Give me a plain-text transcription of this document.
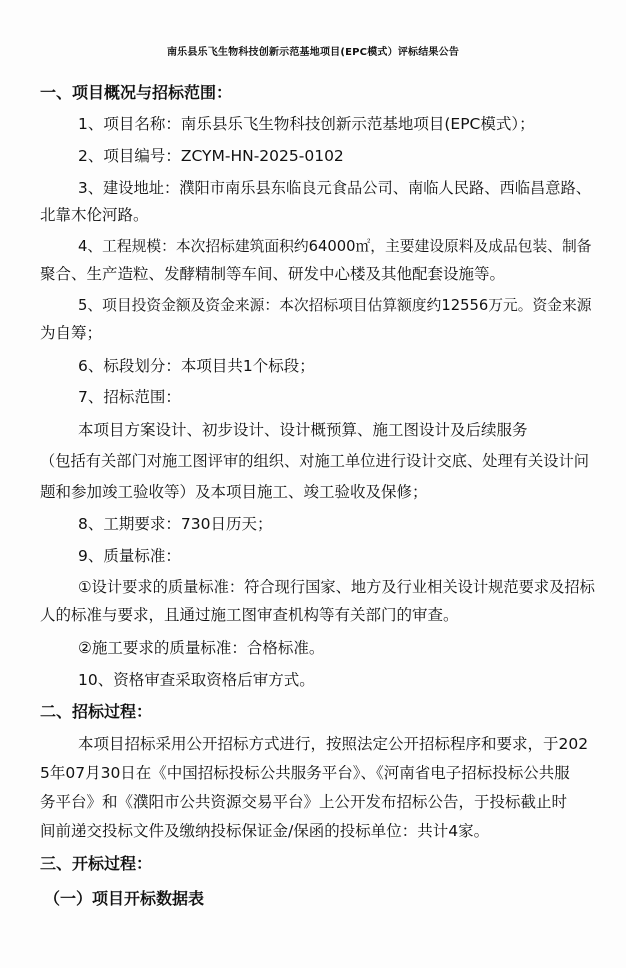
南乐县乐飞生物科技创新示范基地项目(EPC模式）评标结果公告
一、项目概况与招标范围：
1、项目名称：南乐县乐飞生物科技创新示范基地项目(EPC模式）；
2、项目编号：ZCYM-HN-2025-0102
3、建设地址：濮阳市南乐县东临良元食品公司、南临人民路、西临昌意路、
北靠木伦河路。
4、工程规模：本次招标建筑面积约64000㎡，主要建设原料及成品包装、制备
聚合、生产造粒、发酵精制等车间、研发中心楼及其他配套设施等。
5、项目投资金额及资金来源：本次招标项目估算额度约12556万元。资金来源
为自筹；
6、标段划分：本项目共1个标段；
7、招标范围：
本项目方案设计、初步设计、设计概预算、施工图设计及后续服务
（包括有关部门对施工图评审的组织、对施工单位进行设计交底、处理有关设计问
题和参加竣工验收等）及本项目施工、竣工验收及保修；
8、工期要求：730日历天；
9、质量标准：
①设计要求的质量标准：符合现行国家、地方及行业相关设计规范要求及招标
人的标准与要求，且通过施工图审查机构等有关部门的审查。
②施工要求的质量标准：合格标准。
10、资格审查采取资格后审方式。
二、招标过程：
本项目招标采用公开招标方式进行，按照法定公开招标程序和要求，于202
5年07月30日在《中国招标投标公共服务平台》、《河南省电子招标投标公共服
务平台》和《濮阳市公共资源交易平台》上公开发布招标公告，于投标截止时
间前递交投标文件及缴纳投标保证金/保函的投标单位：共计4家。
三、开标过程：
（一）项目开标数据表
